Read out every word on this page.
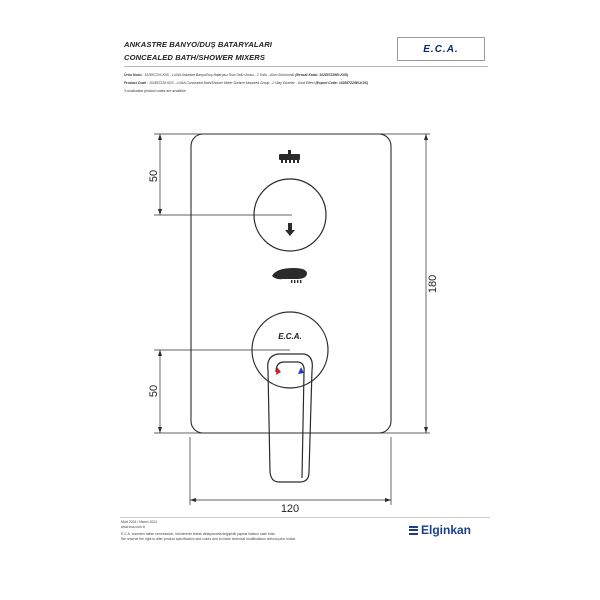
ANKASTRE BANYO/DUŞ BATARYALARI
CONCEALED BATH/SHOWER MIXERS
E.C.A.
Ürün Kodu : 102857226-K0S - LUNA Ankastre Banyo/Duş Bataryası Sıva Üstü Grubu - 2 Yollu - Altın Görünümlü (İhracat Kodu: 102857226EI-K0S)
Product Code : 102857226-K0S - LUNA Concealed Bath/Shower Mixer Surface Mounted Group - 2 Way Diverter - Gold Effect (Export Code: 102857226EI-K0S)
*Localisation product codes are available.
50
50
180
120
E.C.A.
Mart 2024 / March 2024
www.eca.com.tr
E.C.A. önceden haber vermeksizin, ürünlerinde teknik detaylarında değişiklik yapma hakkını saklı tutar.
We reserve the right to alter product specification and colors and to make technical modifications without prior notice.
Elginkan
